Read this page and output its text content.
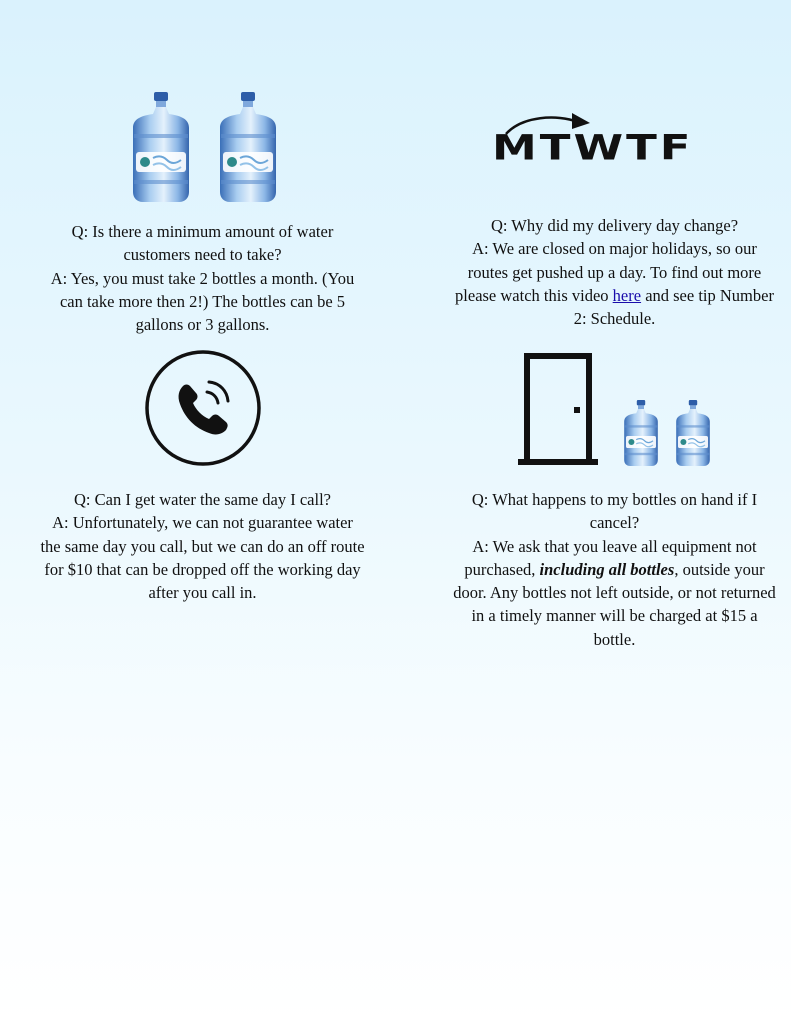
Q: Is there a minimum amount of water customers need to take?

A: Yes, you must take 2 bottles a month. (You can take more then 2!) The bottles can be 5 gallons or 3 gallons.

MTWTF

Q: Why did my delivery day change?

A: We are closed on major holidays, so our routes get pushed up a day. To find out more please watch this video here and see tip Number 2: Schedule.

Q: Can I get water the same day I call?

A: Unfortunately, we can not guarantee water the same day you call, but we can do an off route for $10 that can be dropped off the working day after you call in.

Q: What happens to my bottles on hand if I cancel?

A: We ask that you leave all equipment not purchased, including all bottles, outside your door. Any bottles not left outside, or not returned in a timely manner will be charged at $15 a bottle.
